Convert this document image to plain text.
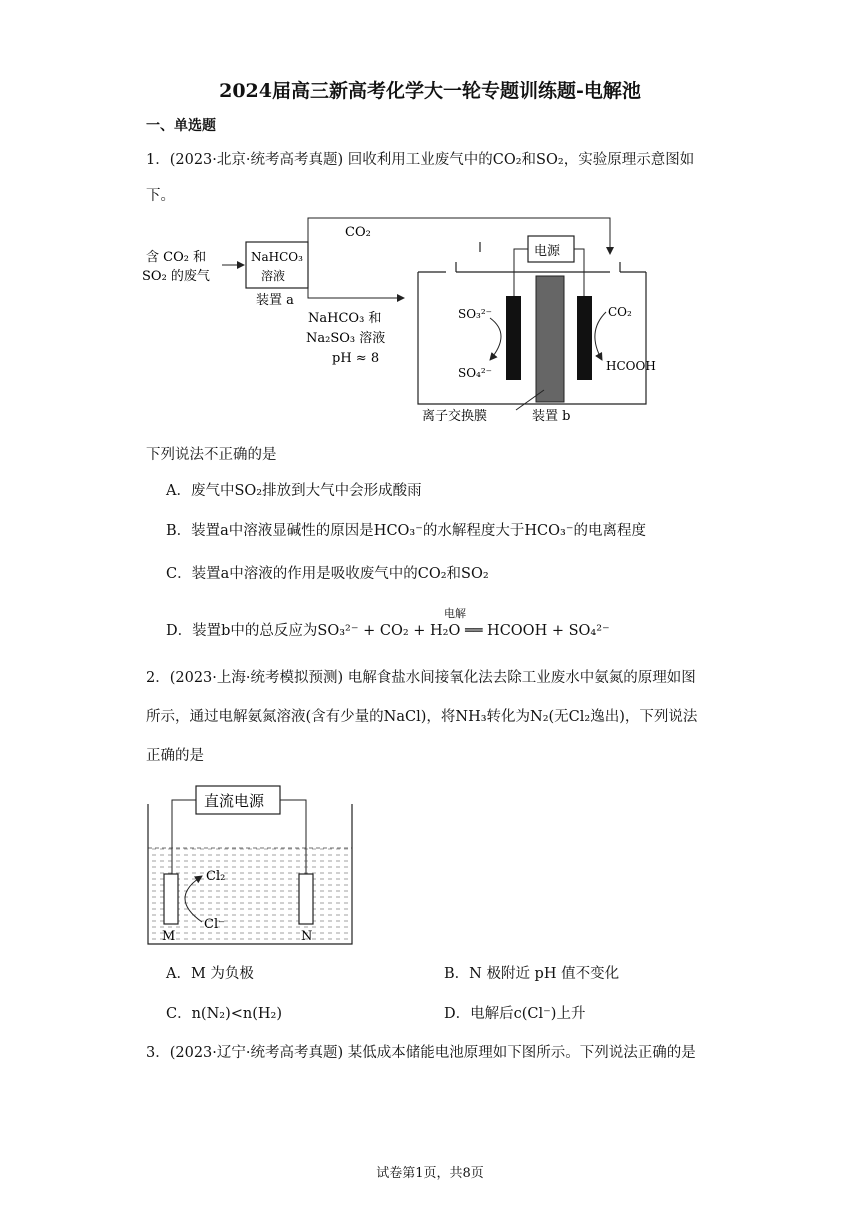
2024届高三新高考化学大一轮专题训练题-电解池
一、单选题
1．(2023·北京·统考高考真题) 回收利用工业废气中的CO₂和SO₂，实验原理示意图如
下。
含 CO₂ 和
SO₂ 的废气
NaHCO₃
溶液
装置 a
CO₂
NaHCO₃ 和
Na₂SO₃ 溶液
pH ≈ 8
电源
SO₃²⁻
SO₄²⁻
CO₂
HCOOH
离子交换膜	装置 b
下列说法不正确的是
A．废气中SO₂排放到大气中会形成酸雨
B．装置a中溶液显碱性的原因是HCO₃⁻的水解程度大于HCO₃⁻的电离程度
C．装置a中溶液的作用是吸收废气中的CO₂和SO₂
电解
D．装置b中的总反应为SO₃²⁻ + CO₂ + H₂O ══ HCOOH + SO₄²⁻
2．(2023·上海·统考模拟预测) 电解食盐水间接氧化法去除工业废水中氨氮的原理如图
所示，通过电解氨氮溶液(含有少量的NaCl)，将NH₃转化为N₂(无Cl₂逸出)，下列说法
正确的是
直流电源
Cl₂
Cl⁻
M	N
A．M 为负极	B．N 极附近 pH 值不变化
C．n(N₂)<n(H₂)	D．电解后c(Cl⁻)上升
3．(2023·辽宁·统考高考真题) 某低成本储能电池原理如下图所示。下列说法正确的是
试卷第1页，共8页
